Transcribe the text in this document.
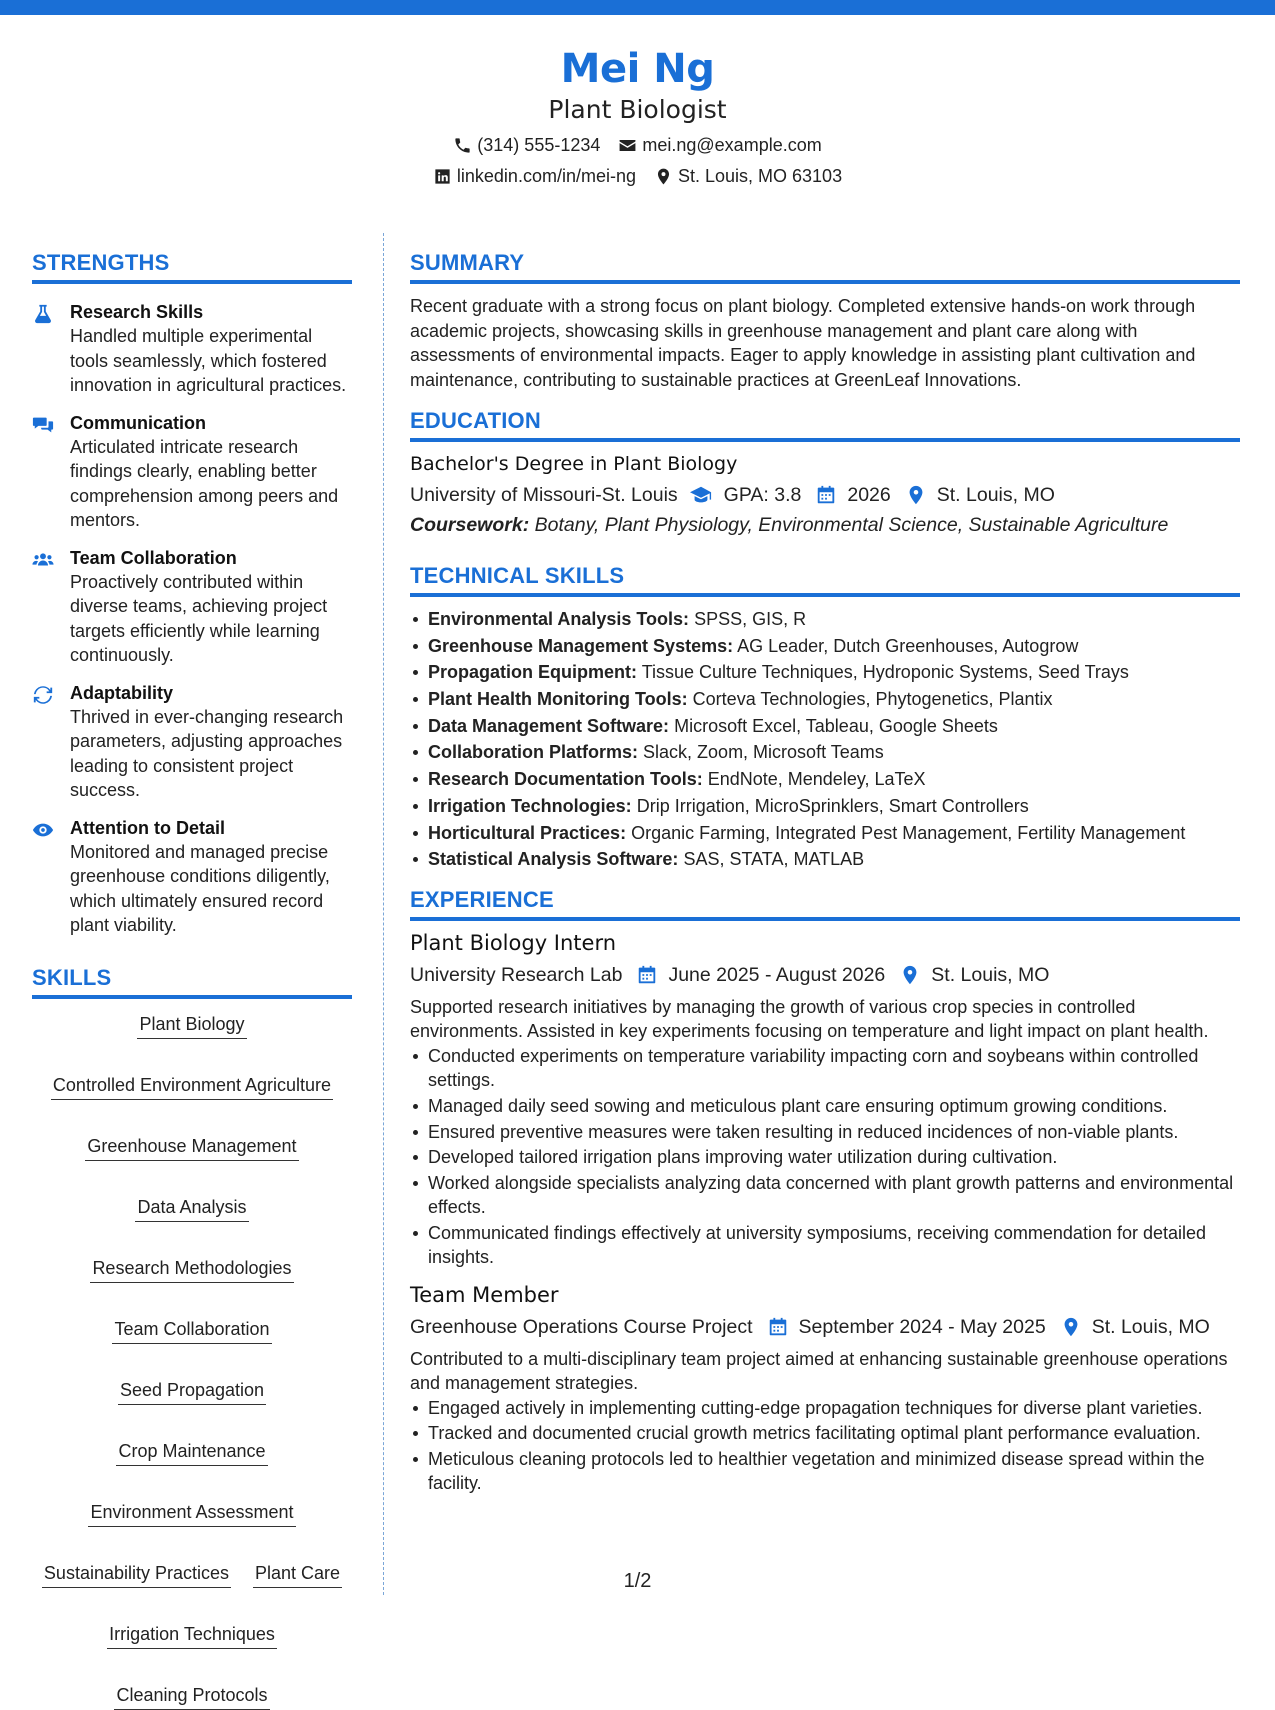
Mei Ng
Plant Biologist
(314) 555-1234 mei.ng@example.com
linkedin.com/in/mei-ng St. Louis, MO 63103
STRENGTHS
Research Skills
Handled multiple experimental tools seamlessly, which fostered innovation in agricultural practices.
Communication
Articulated intricate research findings clearly, enabling better comprehension among peers and mentors.
Team Collaboration
Proactively contributed within diverse teams, achieving project targets efficiently while learning continuously.
Adaptability
Thrived in ever-changing research parameters, adjusting approaches leading to consistent project success.
Attention to Detail
Monitored and managed precise greenhouse conditions diligently, which ultimately ensured record plant viability.
SKILLS
Plant Biology
Controlled Environment Agriculture
Greenhouse Management
Data Analysis
Research Methodologies
Team Collaboration
Seed Propagation
Crop Maintenance
Environment Assessment
Sustainability Practices Plant Care
Irrigation Techniques
Cleaning Protocols
SUMMARY
Recent graduate with a strong focus on plant biology. Completed extensive hands-on work through academic projects, showcasing skills in greenhouse management and plant care along with assessments of environmental impacts. Eager to apply knowledge in assisting plant cultivation and maintenance, contributing to sustainable practices at GreenLeaf Innovations.
EDUCATION
Bachelor's Degree in Plant Biology
University of Missouri-St. Louis GPA: 3.8 2026 St. Louis, MO
Coursework: Botany, Plant Physiology, Environmental Science, Sustainable Agriculture
TECHNICAL SKILLS
Environmental Analysis Tools: SPSS, GIS, R
Greenhouse Management Systems: AG Leader, Dutch Greenhouses, Autogrow
Propagation Equipment: Tissue Culture Techniques, Hydroponic Systems, Seed Trays
Plant Health Monitoring Tools: Corteva Technologies, Phytogenetics, Plantix
Data Management Software: Microsoft Excel, Tableau, Google Sheets
Collaboration Platforms: Slack, Zoom, Microsoft Teams
Research Documentation Tools: EndNote, Mendeley, LaTeX
Irrigation Technologies: Drip Irrigation, MicroSprinklers, Smart Controllers
Horticultural Practices: Organic Farming, Integrated Pest Management, Fertility Management
Statistical Analysis Software: SAS, STATA, MATLAB
EXPERIENCE
Plant Biology Intern
University Research Lab June 2025 - August 2026 St. Louis, MO
Supported research initiatives by managing the growth of various crop species in controlled environments. Assisted in key experiments focusing on temperature and light impact on plant health.
Conducted experiments on temperature variability impacting corn and soybeans within controlled settings.
Managed daily seed sowing and meticulous plant care ensuring optimum growing conditions.
Ensured preventive measures were taken resulting in reduced incidences of non-viable plants.
Developed tailored irrigation plans improving water utilization during cultivation.
Worked alongside specialists analyzing data concerned with plant growth patterns and environmental effects.
Communicated findings effectively at university symposiums, receiving commendation for detailed insights.
Team Member
Greenhouse Operations Course Project September 2024 - May 2025 St. Louis, MO
Contributed to a multi-disciplinary team project aimed at enhancing sustainable greenhouse operations and management strategies.
Engaged actively in implementing cutting-edge propagation techniques for diverse plant varieties.
Tracked and documented crucial growth metrics facilitating optimal plant performance evaluation.
Meticulous cleaning protocols led to healthier vegetation and minimized disease spread within the facility.
1/2
